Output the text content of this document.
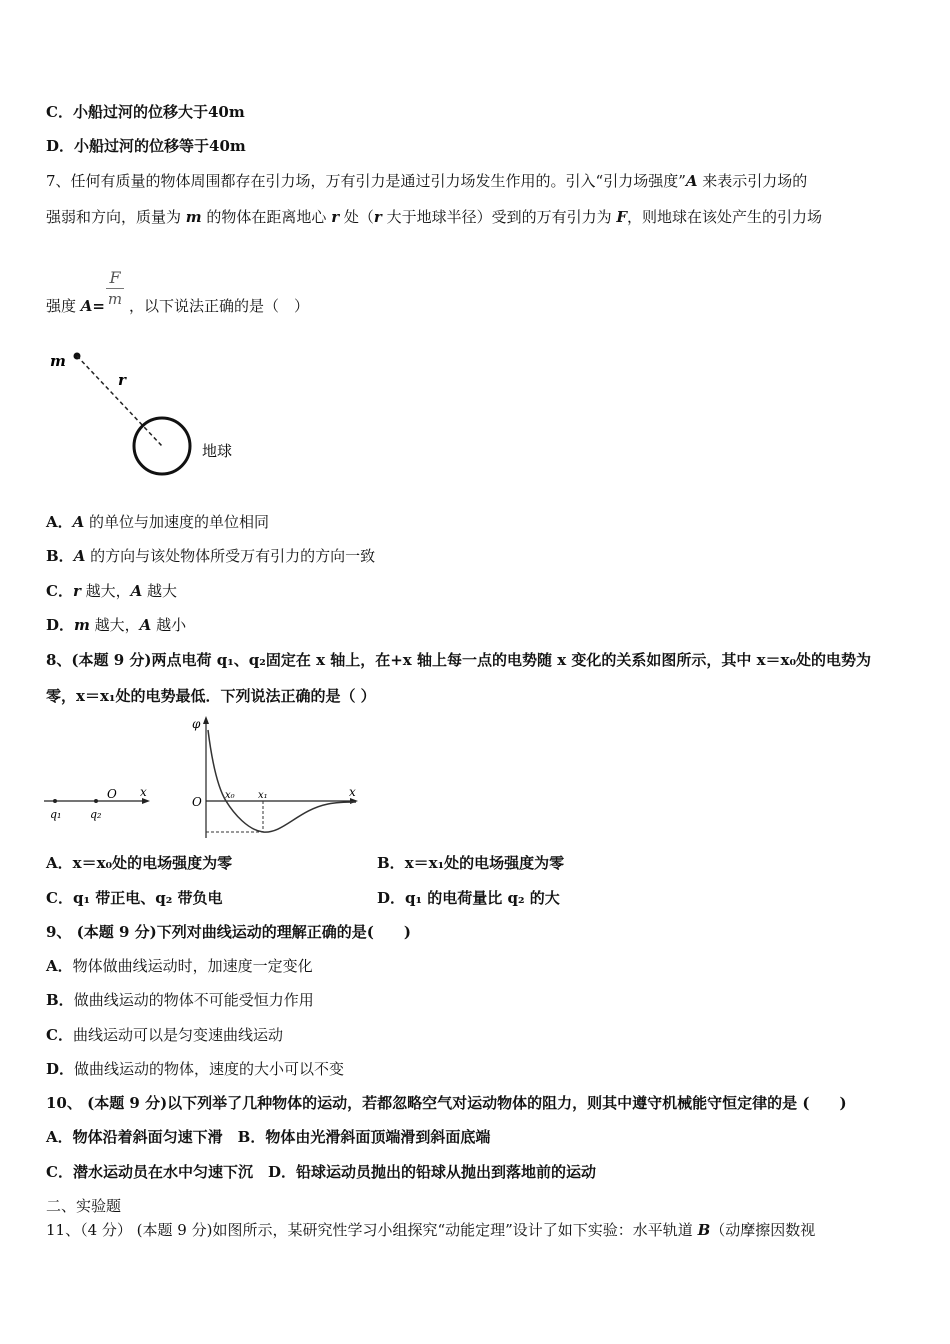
C．小船过河的位移大于40m
D．小船过河的位移等于40m
7、任何有质量的物体周围都存在引力场，万有引力是通过引力场发生作用的。引入“引力场强度”A 来表示引力场的
强弱和方向，质量为 m 的物体在距离地心 r 处（r 大于地球半径）受到的万有引力为 F，则地球在该处产生的引力场
强度 A= ，以下说法正确的是（　）
F
m
m
r
地球
A．A 的单位与加速度的单位相同
B．A 的方向与该处物体所受万有引力的方向一致
C．r 越大，A 越大
D．m 越大，A 越小
8、(本题 9 分)两点电荷 q₁、q₂固定在 x 轴上，在+x 轴上每一点的电势随 x 变化的关系如图所示，其中 x＝x₀处的电势为
零，x＝x₁处的电势最低．下列说法正确的是（ ）
q₁	q₂
O x
φ
O
x
x₀ x₁
A．x＝x₀处的电场强度为零	B．x＝x₁处的电场强度为零
C．q₁ 带正电、q₂ 带负电	D．q₁ 的电荷量比 q₂ 的大
9、 (本题 9 分)下列对曲线运动的理解正确的是(　　)
A．物体做曲线运动时，加速度一定变化
B．做曲线运动的物体不可能受恒力作用
C．曲线运动可以是匀变速曲线运动
D．做曲线运动的物体，速度的大小可以不变
10、 (本题 9 分)以下列举了几种物体的运动，若都忽略空气对运动物体的阻力，则其中遵守机械能守恒定律的是 (　　)
A．物体沿着斜面匀速下滑　B．物体由光滑斜面顶端滑到斜面底端
C．潜水运动员在水中匀速下沉　D．铅球运动员抛出的铅球从抛出到落地前的运动
二、实验题
11、（4 分） (本题 9 分)如图所示，某研究性学习小组探究“动能定理”设计了如下实验：水平轨道 B（动摩擦因数视
